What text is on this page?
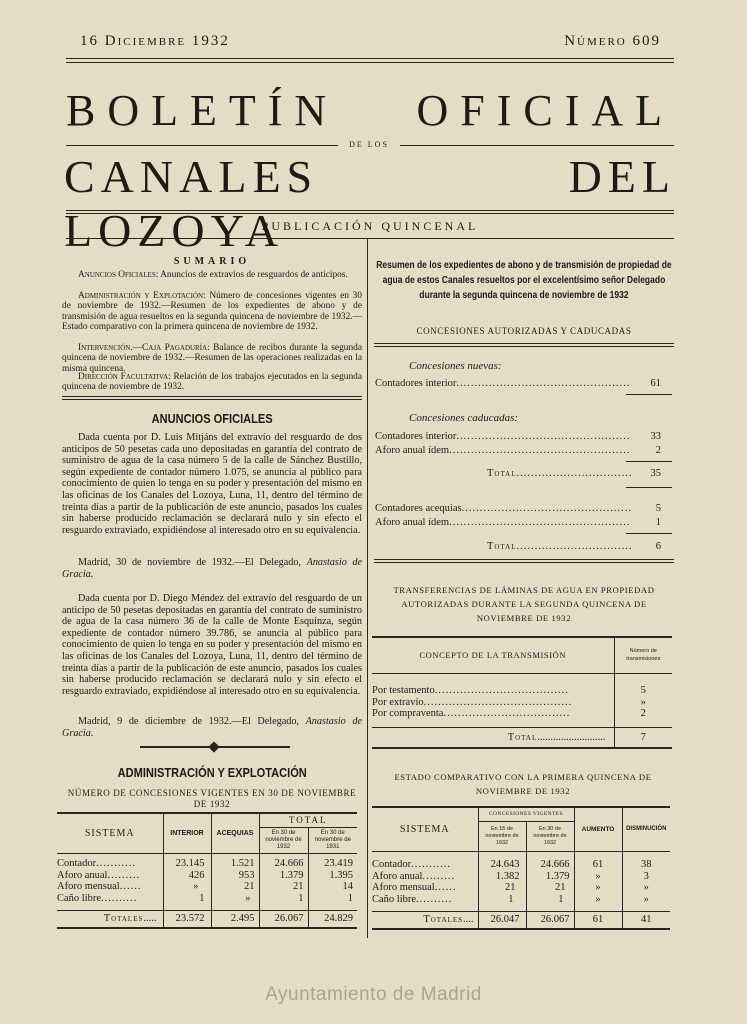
16 Diciembre 1932	Número 609
BOLETÍN OFICIAL
DE LOS
CANALES DEL LOZOYA
PUBLICACIÓN QUINCENAL
SUMARIO
Anuncios Oficiales: Anuncios de extravíos de resguardos de anticipos.
Administración y Explotación: Número de concesiones vigentes en 30 de noviembre de 1932.—Resumen de los expedientes de abono y de transmisión de agua resueltos en la segunda quincena de noviembre de 1932.—Estado comparativo con la primera quincena de noviembre de 1932.
Intervención.—Caja Pagaduría: Balance de recibos durante la segunda quincena de noviembre de 1932.—Resumen de las operaciones realizadas en la misma quincena.
Dirección Facultativa: Relación de los trabajos ejecutados en la segunda quincena de noviembre de 1932.
ANUNCIOS OFICIALES
Dada cuenta por D. Luis Mitjáns del extravío del resguardo de dos anticipos de 50 pesetas cada uno depositadas en garantía del contrato de suministro de agua de la casa número 5 de la calle de Sánchez Bustillo, según expediente de contador número 1.075, se anuncia al público para conocimiento de quien lo tenga en su poder y presentación del mismo en las oficinas de los Canales del Lozoya, Luna, 11, dentro del término de treinta días a partir de la publicación de este anuncio, pasados los cuales sin haberse producido reclamación se declarará nulo y sin efecto el resguardo extraviado, expidiéndose al interesado otro en su equivalencia.
Madrid, 30 de noviembre de 1932.—El Delegado, Anastasio de Gracia.
Dada cuenta por D. Diego Méndez del extravío del resguardo de un anticipo de 50 pesetas depositadas en garantía del contrato de suministro de agua de la casa número 36 de la calle de Monte Esquinza, según expediente de contador número 39.786, se anuncia al público para conocimiento de quien lo tenga en su poder y presentación del mismo en las oficinas de los Canales del Lozoya, Luna, 11, dentro del término de treinta días a partir de la publicación de este anuncio, pasados los cuales sin haberse producido reclamación se declarará nulo y sin efecto el resguardo extraviado, expidiéndose al interesado otro en su equivalencia.
Madrid, 9 de diciembre de 1932.—El Delegado, Anastasio de Gracia.
ADMINISTRACIÓN Y EXPLOTACIÓN
NÚMERO DE CONCESIONES VIGENTES EN 30 DE NOVIEMBRE DE 1932
SISTEMA	INTERIOR	ACEQUIAS	TOTAL	
			En 30 de noviembre de 1932	En 30 de noviembre de 1931

Contador...........	23.145	1.521	24.666	23.419
Aforo anual.........	426	953	1.379	1.395
Aforo mensual......	»	21	21	14
Caño libre..........	1	»	1	1

Totales.....	23.572	2.495	26.067	24.829
Resumen de los expedientes de abono y de transmisión de propiedad de agua de estos Canales resueltos por el excelentísimo señor Delegado durante la segunda quincena de noviembre de 1932
CONCESIONES AUTORIZADAS Y CADUCADAS
Concesiones nuevas:
Contadores interior .....	61
Concesiones caducadas:
Contadores interior .....	33
Aforo anual ídem .....	2
Total .....	35
Contadores acequias .....	5
Aforo anual ídem .....	1
Total .....	6
TRANSFERENCIAS DE LÁMINAS DE AGUA EN PROPIEDAD AUTORIZADAS DURANTE LA SEGUNDA QUINCENA DE NOVIEMBRE DE 1932
CONCEPTO DE LA TRANSMISIÓN	Número de transmisiones

Por testamento.....................................	5
Por extravío.........................................	»
Por compraventa...................................	2

Total..........................	7
ESTADO COMPARATIVO CON LA PRIMERA QUINCENA DE NOVIEMBRE DE 1932
SISTEMA	CONCESIONES VIGENTES		AUMENTO	DISMINUCIÓN
	En 15 de noviembre de 1932	En 30 de noviembre de 1932		

Contador...........	24.643	24.666	61	38
Aforo anual.........	1.382	1.379	»	3
Aforo mensual......	21	21	»	»
Caño libre..........	1	1	»	»

Totales....	26.047	26.067	61	41
Ayuntamiento de Madrid
